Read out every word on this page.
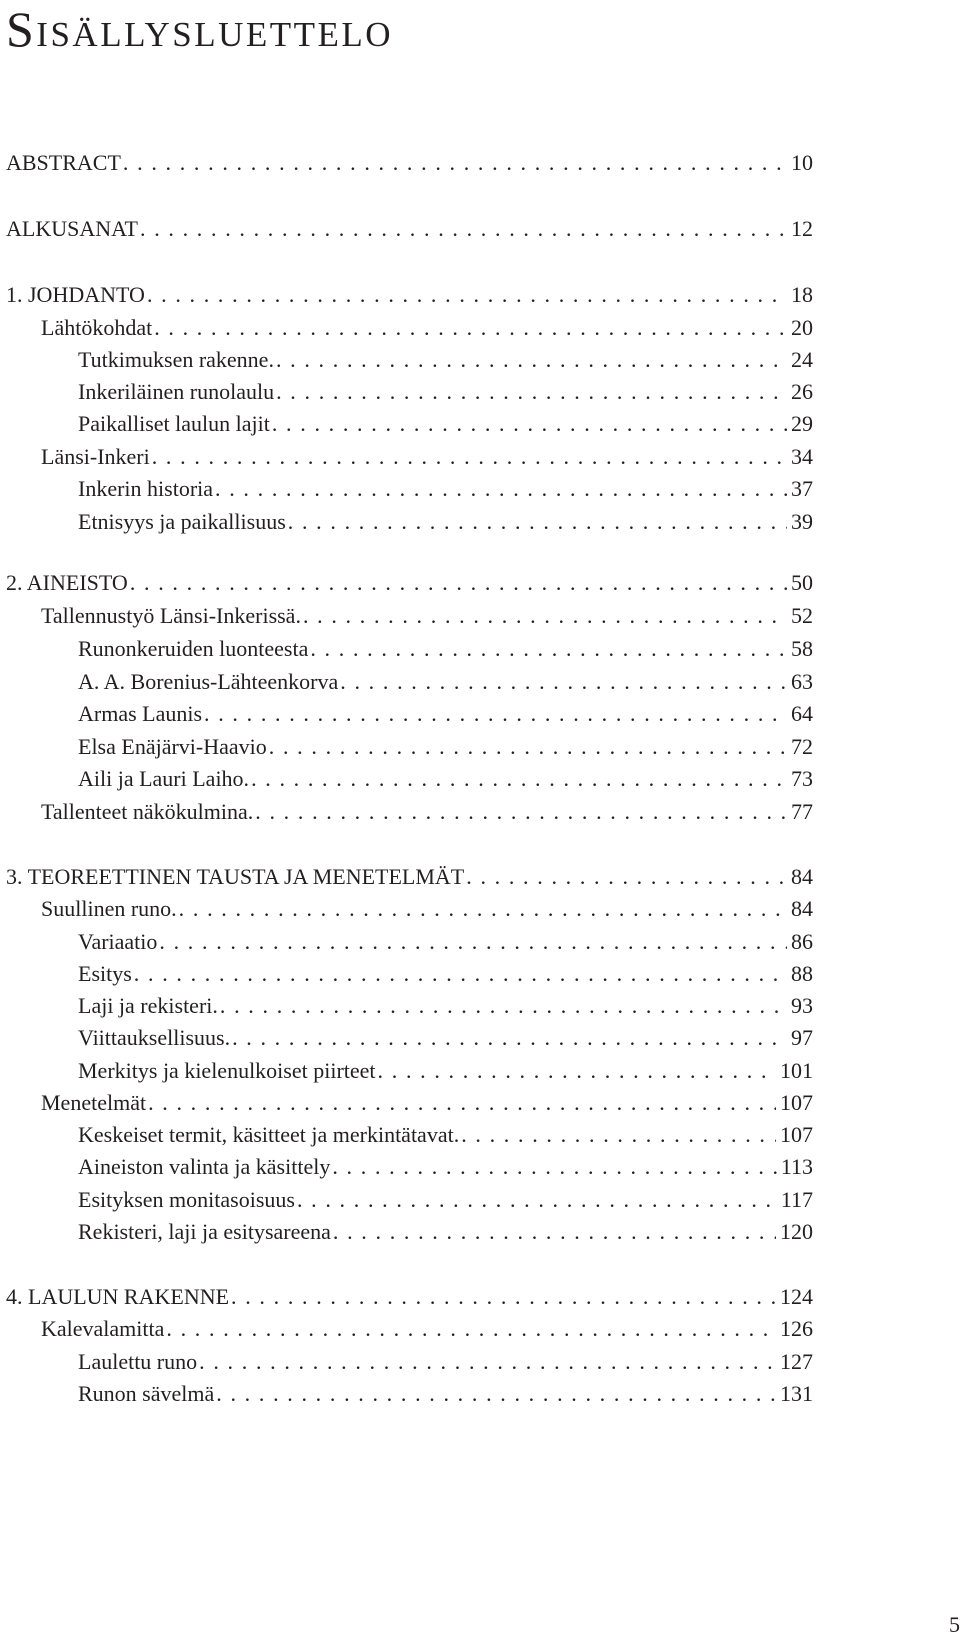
Sisällysluettelo
ABSTRACT . . .	10
ALKUSANAT . . .	12
1. JOHDANTO . . .	18
Lähtökohdat . . .	20
Tutkimuksen rakenne. . . .	24
Inkeriläinen runolaulu . . .	26
Paikalliset laulun lajit . . .	29
Länsi-Inkeri . . .	34
Inkerin historia . . .	37
Etnisyys ja paikallisuus . . .	39
2. AINEISTO . . .	50
Tallennustyö Länsi-Inkerissä. . . .	52
Runonkeruiden luonteesta . . .	58
A. A. Borenius-Lähteenkorva . . .	63
Armas Launis . . .	64
Elsa Enäjärvi-Haavio . . .	72
Aili ja Lauri Laiho. . . .	73
Tallenteet näkökulmina. . . .	77
3. TEOREETTINEN TAUSTA JA MENETELMÄT . . .	84
Suullinen runo. . . .	84
Variaatio . . .	86
Esitys . . .	88
Laji ja rekisteri. . . .	93
Viittauksellisuus. . . .	97
Merkitys ja kielenulkoiset piirteet . . .	101
Menetelmät . . .	107
Keskeiset termit, käsitteet ja merkintätavat. . . .	107
Aineiston valinta ja käsittely . . .	113
Esityksen monitasoisuus . . .	117
Rekisteri, laji ja esitysareena . . .	120
4. LAULUN RAKENNE . . .	124
Kalevalamitta . . .	126
Laulettu runo . . .	127
Runon sävelmä . . .	131
5
